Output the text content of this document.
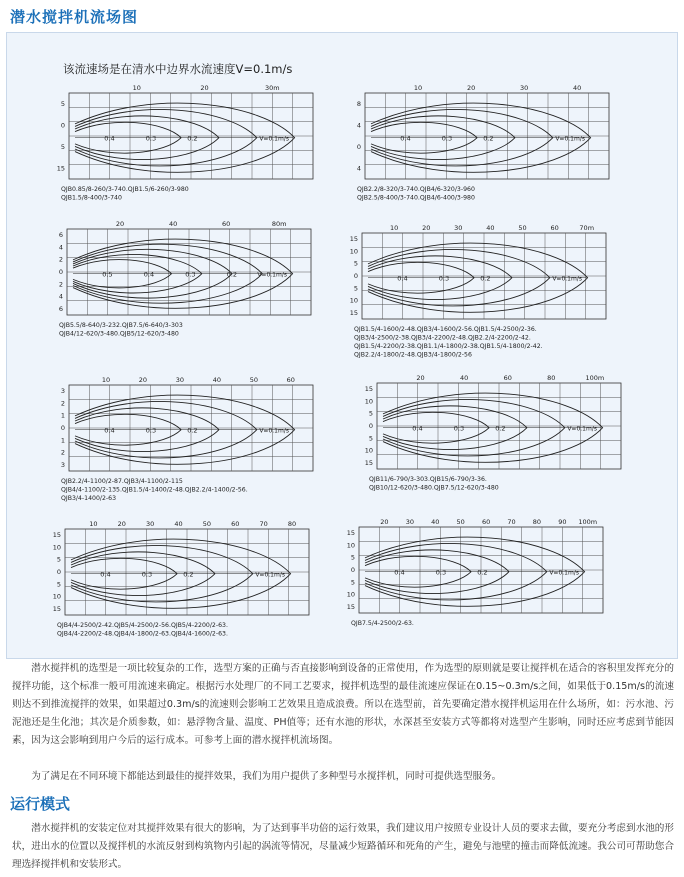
潜水搅拌机流场图
该流速场是在清水中边界水流速度V=0.1m/s
10	20	30m
5
0
5
15
0.4	0.3	0.2	V=0.1m/s
QJB0.85/8-260/3-740.QJB1.5/6-260/3-980
QJB1.5/8-400/3-740
10	20	30	40
8
4
0
4
0.4	0.3	0.2	V=0.1m/s
QJB2.2/8-320/3-740.QJB4/6-320/3-960
QJB2.5/8-400/3-740.QJB4/6-400/3-980
20	40	60	80m
6
4
2
0
2
4
6
0.5	0.4	0.3	0.2	V=0.1m/s
QJB5.5/8-640/3-232.QJB7.5/6-640/3-303
QJB4/12-620/3-480.QJB5/12-620/3-480
10	20	30	40	50	60	70m
15
10
5
0
5
10
15
0.4	0.3	0.2	V=0.1m/s
QJB1.5/4-1600/2-48.QJB3/4-1600/2-56.QJB1.5/4-2500/2-36.
QJB3/4-2500/2-38.QJB3/4-2200/2-48.QJB2.2/4-2200/2-42.
QJB1.5/4-2200/2-38.QJB1.1/4-1800/2-38.QJB1.5/4-1800/2-42.
QJB2.2/4-1800/2-48.QJB3/4-1800/2-56
10	20	30	40	50	60
3
2
1
0
1
2
3
0.4	0.3	0.2	V=0.1m/s
QJB2.2/4-1100/2-87.QJB3/4-1100/2-115
QJB4/4-1100/2-135.QJB1.5/4-1400/2-48.QJB2.2/4-1400/2-56.
QJB3/4-1400/2-63
20	40	60	80	100m
15
10
5
0
5
10
15
0.4	0.3	0.2	V=0.1m/s
QJB11/6-790/3-303.QJB15/6-790/3-36.
QJB10/12-620/3-480.QJB7.5/12-620/3-480
10	20	30	40	50	60	70	80
15
10
5
0
5
10
15
0.4	0.3	0.2	V=0.1m/s
QJB4/4-2500/2-42.QJB5/4-2500/2-56.QJB5/4-2200/2-63.
QJB4/4-2200/2-48.QJB4/4-1800/2-63.QJB4/4-1600/2-63.
20	30	40	50	60	70	80	90 100m
15
10
5
0
5
10
15
0.4	0.3	0.2	V=0.1m/s
QJB7.5/4-2500/2-63.
潜水搅拌机的选型是一项比较复杂的工作，选型方案的正确与否直接影响到设备的正常使用，作为选型的原则就是要让搅拌机在适合的容积里发挥充分的搅拌功能，这个标准一般可用流速来确定。根据污水处理厂的不同工艺要求，搅拌机选型的最佳流速应保证在0.15~0.3m/s之间，如果低于0.15m/s的流速则达不到推流搅拌的效果，如果超过0.3m/s的流速则会影响工艺效果且造成浪费。所以在选型前，首先要确定潜水搅拌机运用在什么场所，如：污水池、污泥池还是生化池；其次是介质参数，如：悬浮物含量、温度、PH值等；还有水池的形状，水深甚至安装方式等都将对选型产生影响，同时还应考虑到节能因素，因为这会影响到用户今后的运行成本。可参考上面的潜水搅拌机流场图。
为了满足在不同环境下都能达到最佳的搅拌效果，我们为用户提供了多种型号水搅拌机，同时可提供选型服务。
运行模式
潜水搅拌机的安装定位对其搅拌效果有很大的影响，为了达到事半功倍的运行效果，我们建议用户按照专业设计人员的要求去做，要充分考虑到水池的形状，进出水的位置以及搅拌机的水流反射到构筑物内引起的涡流等情况，尽量减少短路循环和死角的产生，避免与池壁的撞击而降低流速。我公司可帮助您合理选择搅拌机和安装形式。
